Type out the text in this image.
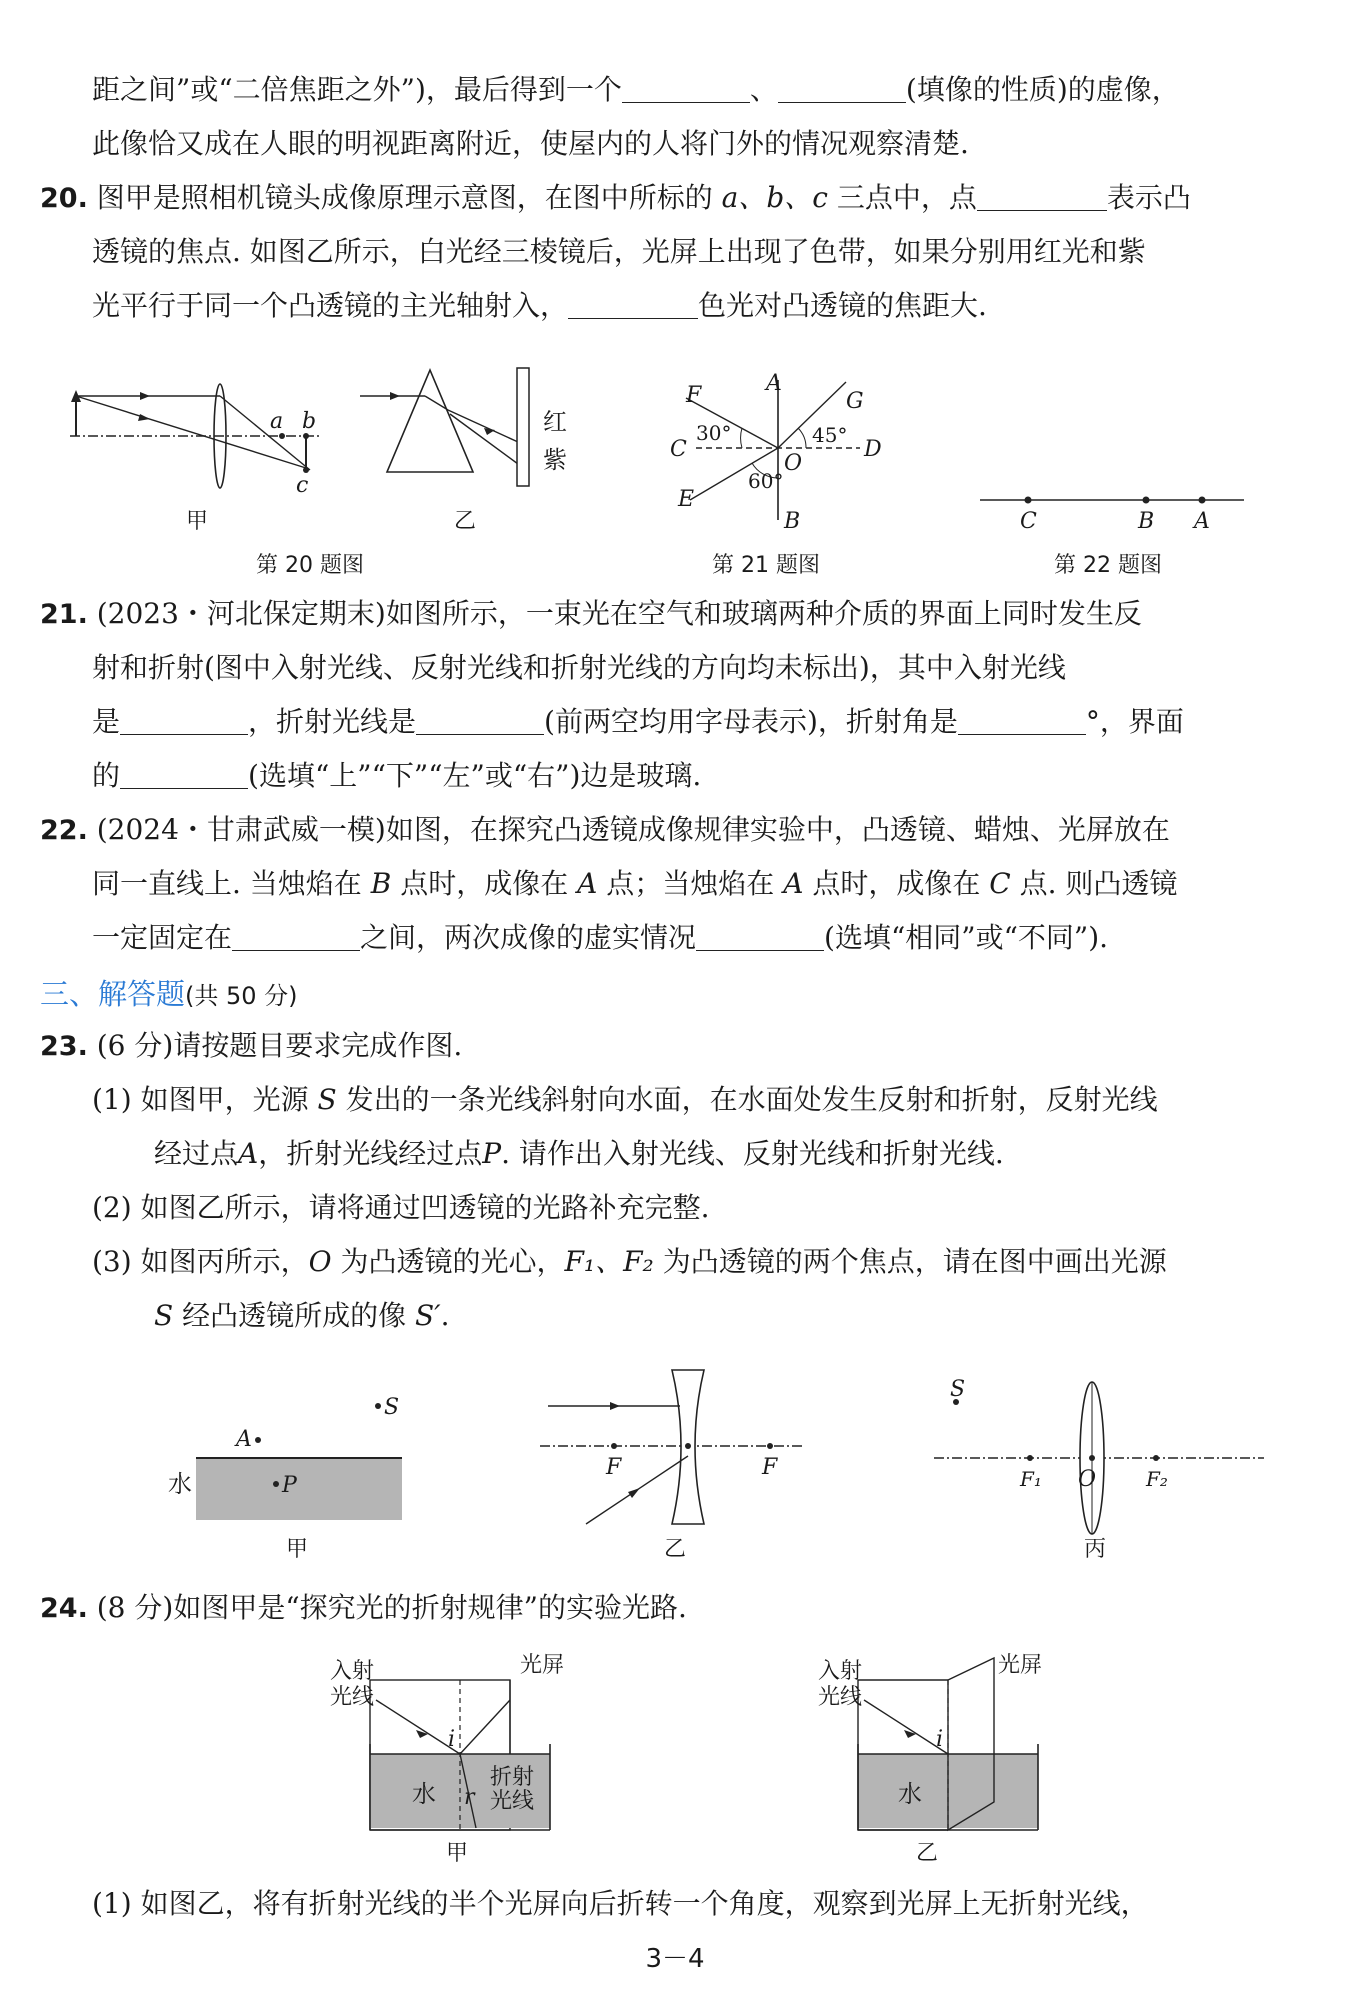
距之间”或“二倍焦距之外”)，最后得到一个	、	(填像的性质)的虚像，
此像恰又成在人眼的明视距离附近，使屋内的人将门外的情况观察清楚.
20. 图甲是照相机镜头成像原理示意图，在图中所标的 a、b、c 三点中，点	表示凸
透镜的焦点. 如图乙所示，白光经三棱镜后，光屏上出现了色带，如果分别用红光和紫
光平行于同一个凸透镜的主光轴射入，	色光对凸透镜的焦距大.
a b
c
甲
红
紫
乙
第 20 题图
F	A
G
C	D
O
E
B
30°	45°
60°
第 21 题图
C	B A
第 22 题图
21. (2023・河北保定期末)如图所示，一束光在空气和玻璃两种介质的界面上同时发生反
射和折射(图中入射光线、反射光线和折射光线的方向均未标出)，其中入射光线
是	，折射光线是	(前两空均用字母表示)，折射角是	°，界面
的	(选填“上”“下”“左”或“右”)边是玻璃.
22. (2024・甘肃武威一模)如图，在探究凸透镜成像规律实验中，凸透镜、蜡烛、光屏放在
同一直线上. 当烛焰在 B 点时，成像在 A 点；当烛焰在 A 点时，成像在 C 点. 则凸透镜
一定固定在	之间，两次成像的虚实情况	(选填“相同”或“不同”).
三、解答题(共 50 分)
23. (6 分)请按题目要求完成作图.
(1) 如图甲，光源 S 发出的一条光线斜射向水面，在水面处发生反射和折射，反射光线
经过点A，折射光线经过点P. 请作出入射光线、反射光线和折射光线.
(2) 如图乙所示，请将通过凹透镜的光路补充完整.
(3) 如图丙所示，O 为凸透镜的光心，F₁、F₂ 为凸透镜的两个焦点，请在图中画出光源
S 经凸透镜所成的像 S′.
S
A
P
水
甲
F	F
乙
S
F₁ O F₂
丙
24. (8 分)如图甲是“探究光的折射规律”的实验光路.
入射
光线
光屏
i
r
水
折射
光线
甲
入射
光线
光屏
i
水
乙
(1) 如图乙，将有折射光线的半个光屏向后折转一个角度，观察到光屏上无折射光线，
3－4
